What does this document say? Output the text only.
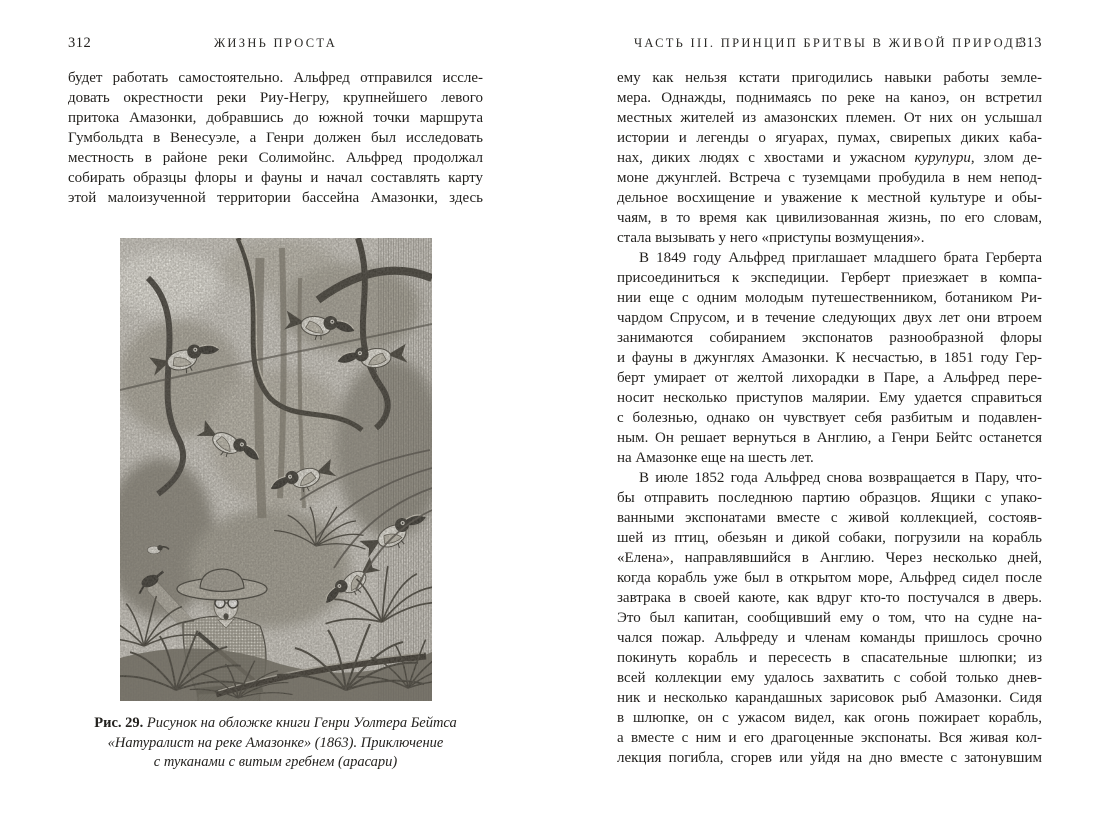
312	ЖИЗНЬ ПРОСТА
будет работать самостоятельно. Альфред отправился иссле-
довать окрестности реки Риу-Негру, крупнейшего левого
притока Амазонки, добравшись до южной точки маршрута
Гумбольдта в Венесуэле, а Генри должен был исследовать
местность в районе реки Солимойнс. Альфред продолжал
собирать образцы флоры и фауны и начал составлять карту
этой малоизученной территории бассейна Амазонки, здесь
Рис. 29. Рисунок на обложке книги Генри Уолтера Бейтса
«Натуралист на реке Амазонке» (1863). Приключение
с туканами с витым гребнем (арасари)
ЧАСТЬ III. ПРИНЦИП БРИТВЫ В ЖИВОЙ ПРИРОДЕ
313
ему как нельзя кстати пригодились навыки работы земле-
мера. Однажды, поднимаясь по реке на каноэ, он встретил
местных жителей из амазонских племен. От них он услышал
истории и легенды о ягуарах, пумах, свирепых диких каба-
нах, диких людях с хвостами и ужасном курупури, злом де-
моне джунглей. Встреча с туземцами пробудила в нем непод-
дельное восхищение и уважение к местной культуре и обы-
чаям, в то время как цивилизованная жизнь, по его словам,
стала вызывать у него «приступы возмущения».
В 1849 году Альфред приглашает младшего брата Герберта
присоединиться к экспедиции. Герберт приезжает в компа-
нии еще с одним молодым путешественником, ботаником Ри-
чардом Спрусом, и в течение следующих двух лет они втроем
занимаются собиранием экспонатов разнообразной флоры
и фауны в джунглях Амазонки. К несчастью, в 1851 году Гер-
берт умирает от желтой лихорадки в Паре, а Альфред пере-
носит несколько приступов малярии. Ему удается справиться
с болезнью, однако он чувствует себя разбитым и подавлен-
ным. Он решает вернуться в Англию, а Генри Бейтс останется
на Амазонке еще на шесть лет.
В июле 1852 года Альфред снова возвращается в Пару, что-
бы отправить последнюю партию образцов. Ящики с упако-
ванными экспонатами вместе с живой коллекцией, состояв-
шей из птиц, обезьян и дикой собаки, погрузили на корабль
«Елена», направлявшийся в Англию. Через несколько дней,
когда корабль уже был в открытом море, Альфред сидел после
завтрака в своей каюте, как вдруг кто-то постучался в дверь.
Это был капитан, сообщивший ему о том, что на судне на-
чался пожар. Альфреду и членам команды пришлось срочно
покинуть корабль и пересесть в спасательные шлюпки; из
всей коллекции ему удалось захватить с собой только днев-
ник и несколько карандашных зарисовок рыб Амазонки. Сидя
в шлюпке, он с ужасом видел, как огонь пожирает корабль,
а вместе с ним и его драгоценные экспонаты. Вся живая кол-
лекция погибла, сгорев или уйдя на дно вместе с затонувшим
